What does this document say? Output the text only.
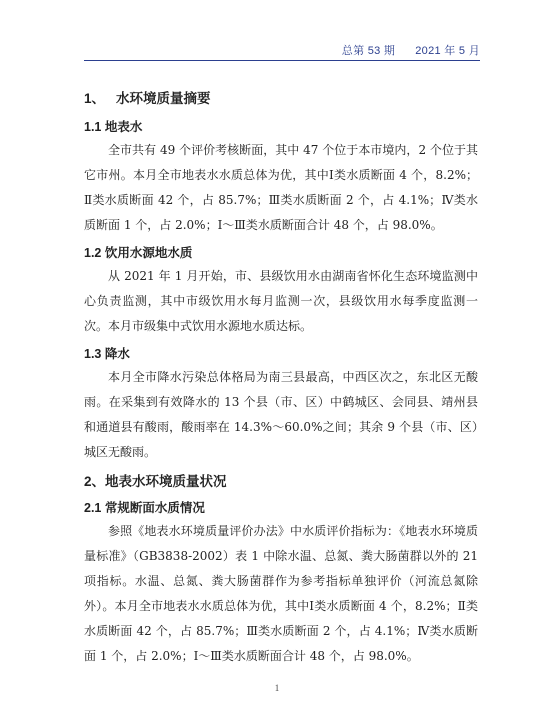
总第 53 期 2021 年 5 月
1、 水环境质量摘要
1.1 地表水

全市共有 49 个评价考核断面，其中 47 个位于本市境内，2 个位于其它市州。本月全市地表水水质总体为优，其中Ⅰ类水质断面 4 个，8.2%；Ⅱ类水质断面 42 个，占 85.7%；Ⅲ类水质断面 2 个，占 4.1%；Ⅳ类水质断面 1 个，占 2.0%；Ⅰ～Ⅲ类水质断面合计 48 个，占 98.0%。

1.2 饮用水源地水质

从 2021 年 1 月开始，市、县级饮用水由湖南省怀化生态环境监测中心负责监测，其中市级饮用水每月监测一次，县级饮用水每季度监测一次。本月市级集中式饮用水源地水质达标。

1.3 降水

本月全市降水污染总体格局为南三县最高，中西区次之，东北区无酸雨。在采集到有效降水的 13 个县（市、区）中鹤城区、会同县、靖州县和通道县有酸雨，酸雨率在 14.3%～60.0%之间；其余 9 个县（市、区）城区无酸雨。

2、地表水环境质量状况
2.1 常规断面水质情况

参照《地表水环境质量评价办法》中水质评价指标为：《地表水环境质量标准》（GB3838-2002）表 1 中除水温、总氮、粪大肠菌群以外的 21 项指标。水温、总氮、粪大肠菌群作为参考指标单独评价（河流总氮除外）。本月全市地表水水质总体为优，其中Ⅰ类水质断面 4 个，8.2%；Ⅱ类水质断面 42 个，占 85.7%；Ⅲ类水质断面 2 个，占 4.1%；Ⅳ类水质断面 1 个，占 2.0%；Ⅰ～Ⅲ类水质断面合计 48 个，占 98.0%。

1
